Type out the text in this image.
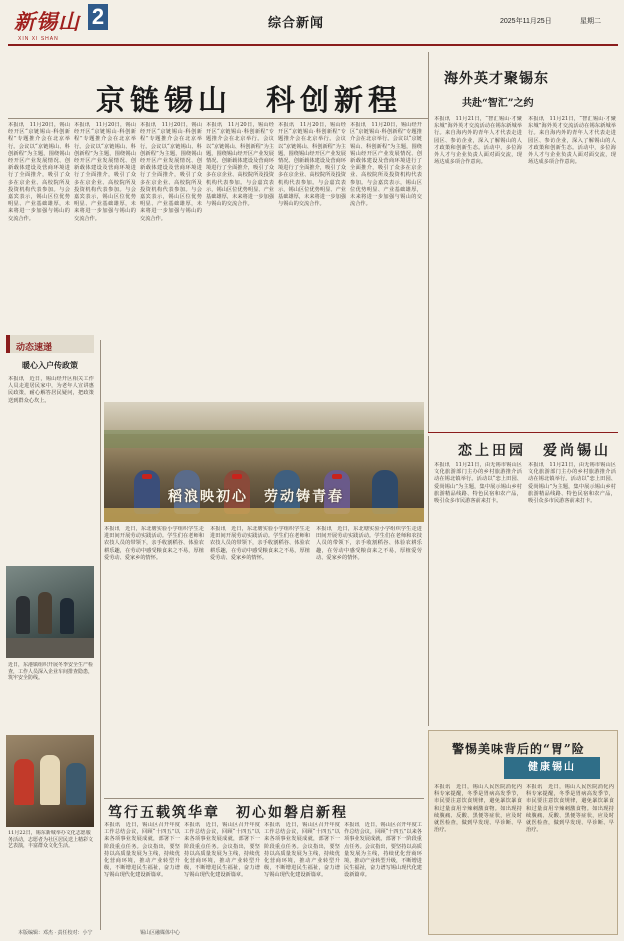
新锡山
XIN XI SHAN
2	综合新闻	2025年11月25日	星期二
京链锡山　科创新程
本报讯　11月20日，锡山经开区“京链锡山·科创新程”专题推介会在北京举行。会议以“京链锡山、科创新程”为主题，围绕锡山经开区产业发展情况、创新载体建设及营商环境进行了全面推介，吸引了众多在京企业、高校院所及投资机构代表参加。与会嘉宾表示，锡山区位优势明显、产业基础雄厚，未来将进一步加强与锡山的交流合作。
本报讯　11月20日，锡山经开区“京链锡山·科创新程”专题推介会在北京举行。会议以“京链锡山、科创新程”为主题，围绕锡山经开区产业发展情况、创新载体建设及营商环境进行了全面推介，吸引了众多在京企业、高校院所及投资机构代表参加。与会嘉宾表示，锡山区位优势明显、产业基础雄厚，未来将进一步加强与锡山的交流合作。
本报讯　11月20日，锡山经开区“京链锡山·科创新程”专题推介会在北京举行。会议以“京链锡山、科创新程”为主题，围绕锡山经开区产业发展情况、创新载体建设及营商环境进行了全面推介，吸引了众多在京企业、高校院所及投资机构代表参加。与会嘉宾表示，锡山区位优势明显、产业基础雄厚，未来将进一步加强与锡山的交流合作。
本报讯　11月20日，锡山经开区“京链锡山·科创新程”专题推介会在北京举行。会议以“京链锡山、科创新程”为主题，围绕锡山经开区产业发展情况、创新载体建设及营商环境进行了全面推介，吸引了众多在京企业、高校院所及投资机构代表参加。与会嘉宾表示，锡山区位优势明显、产业基础雄厚，未来将进一步加强与锡山的交流合作。
本报讯　11月20日，锡山经开区“京链锡山·科创新程”专题推介会在北京举行。会议以“京链锡山、科创新程”为主题，围绕锡山经开区产业发展情况、创新载体建设及营商环境进行了全面推介，吸引了众多在京企业、高校院所及投资机构代表参加。与会嘉宾表示，锡山区位优势明显、产业基础雄厚，未来将进一步加强与锡山的交流合作。
本报讯　11月20日，锡山经开区“京链锡山·科创新程”专题推介会在北京举行。会议以“京链锡山、科创新程”为主题，围绕锡山经开区产业发展情况、创新载体建设及营商环境进行了全面推介，吸引了众多在京企业、高校院所及投资机构代表参加。与会嘉宾表示，锡山区位优势明显、产业基础雄厚，未来将进一步加强与锡山的交流合作。
海外英才聚锡东
共赴“智汇”之约
本报讯　11月21日，“智汇锡山·才聚东城”海外英才交流活动在锡东新城举行。来自海内外的青年人才代表走进园区、参访企业，深入了解锡山的人才政策和创新生态。活动中，多位海外人才与企业负责人面对面交流，现场达成多项合作意向。
本报讯　11月21日，“智汇锡山·才聚东城”海外英才交流活动在锡东新城举行。来自海内外的青年人才代表走进园区、参访企业，深入了解锡山的人才政策和创新生态。活动中，多位海外人才与企业负责人面对面交流，现场达成多项合作意向。
动态速递
暖心入户传政策
本报讯　近日，锡山经开区相关工作人员走进居民家中，为老年人宣讲惠民政策，耐心解答居民疑问，把政策送到群众心坎上。
近日，东港镇组织开展冬季安全生产检查，工作人员深入企业车间排查隐患，筑牢安全防线。
11月22日，锡东新城举办文化志愿服务活动，志愿者为社区居民送上精彩文艺表演，丰富群众文化生活。
稻浪映初心　劳动铸青春
本报讯　近日，东北塘实验小学组织学生走进田间开展劳动实践活动。学生们在老师和农技人员的带领下，亲手收割稻谷、体验农耕乐趣，在劳动中感受粮食来之不易，厚植爱劳动、爱家乡的情怀。
本报讯　近日，东北塘实验小学组织学生走进田间开展劳动实践活动。学生们在老师和农技人员的带领下，亲手收割稻谷、体验农耕乐趣，在劳动中感受粮食来之不易，厚植爱劳动、爱家乡的情怀。
本报讯　近日，东北塘实验小学组织学生走进田间开展劳动实践活动。学生们在老师和农技人员的带领下，亲手收割稻谷、体验农耕乐趣，在劳动中感受粮食来之不易，厚植爱劳动、爱家乡的情怀。
笃行五载筑华章　初心如磐启新程
本报讯　近日，锡山区召开年度工作总结会议，回顾“十四五”以来各项事业发展成就，部署下一阶段重点任务。会议指出，要坚持以高质量发展为主线，持续优化营商环境，推动产业转型升级，不断增进民生福祉，奋力谱写锡山现代化建设新篇章。
本报讯　近日，锡山区召开年度工作总结会议，回顾“十四五”以来各项事业发展成就，部署下一阶段重点任务。会议指出，要坚持以高质量发展为主线，持续优化营商环境，推动产业转型升级，不断增进民生福祉，奋力谱写锡山现代化建设新篇章。
本报讯　近日，锡山区召开年度工作总结会议，回顾“十四五”以来各项事业发展成就，部署下一阶段重点任务。会议指出，要坚持以高质量发展为主线，持续优化营商环境，推动产业转型升级，不断增进民生福祉，奋力谱写锡山现代化建设新篇章。
本报讯　近日，锡山区召开年度工作总结会议，回顾“十四五”以来各项事业发展成就，部署下一阶段重点任务。会议指出，要坚持以高质量发展为主线，持续优化营商环境，推动产业转型升级，不断增进民生福祉，奋力谱写锡山现代化建设新篇章。
恋上田园　爱尚锡山
本报讯　11月21日，由无锡市锡山区文化旅游部门主办的乡村旅游推介活动在锡北镇举行。活动以“恋上田园、爱尚锡山”为主题，集中展示锡山乡村旅游精品线路、特色民宿和农产品，吸引众多市民游客前来打卡。
本报讯　11月21日，由无锡市锡山区文化旅游部门主办的乡村旅游推介活动在锡北镇举行。活动以“恋上田园、爱尚锡山”为主题，集中展示锡山乡村旅游精品线路、特色民宿和农产品，吸引众多市民游客前来打卡。
警惕美味背后的“胃”险
健康锡山
本报讯　近日，锡山人民医院消化内科专家提醒，冬季是胃病高发季节，市民要注意饮食规律，避免暴饮暴食和过量食用辛辣刺激食物。如出现持续腹痛、反酸、黑便等症状，应及时就医检查，做到早发现、早诊断、早治疗。
本报讯　近日，锡山人民医院消化内科专家提醒，冬季是胃病高发季节，市民要注意饮食规律，避免暴饮暴食和过量食用辛辣刺激食物。如出现持续腹痛、反酸、黑便等症状，应及时就医检查，做到早发现、早诊断、早治疗。
本版编辑：邓杰 · 责任校对：小宁	锡山区融媒体中心
